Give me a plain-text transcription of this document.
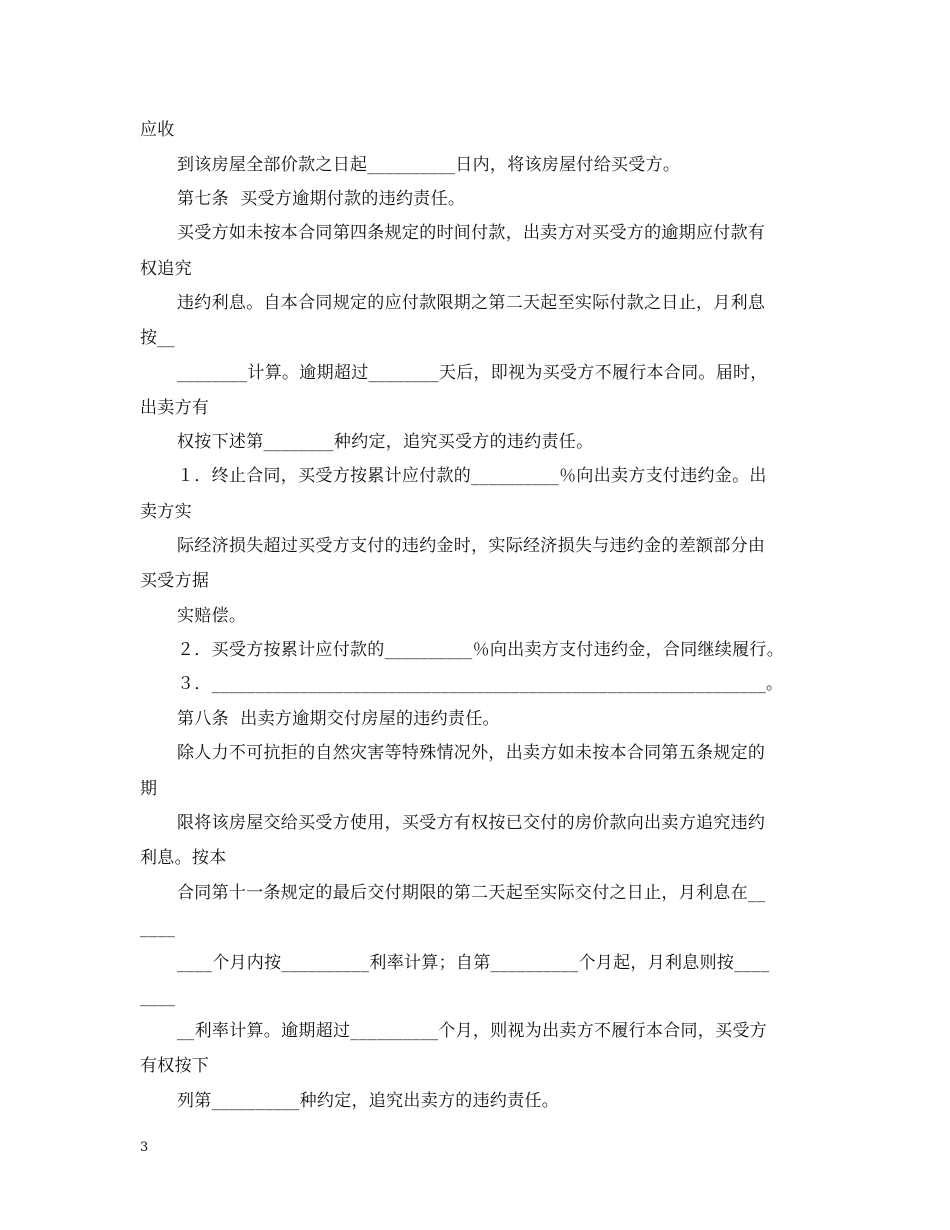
应收
到该房屋全部价款之日起__________日内，将该房屋付给买受方。
第七条  买受方逾期付款的违约责任。
买受方如未按本合同第四条规定的时间付款，出卖方对买受方的逾期应付款有
权追究
违约利息。自本合同规定的应付款限期之第二天起至实际付款之日止，月利息
按__
________计算。逾期超过________天后，即视为买受方不履行本合同。届时，
出卖方有
权按下述第________种约定，追究买受方的违约责任。
１．终止合同，买受方按累计应付款的__________％向出卖方支付违约金。出
卖方实
际经济损失超过买受方支付的违约金时，实际经济损失与违约金的差额部分由
买受方据
实赔偿。
２．买受方按累计应付款的__________％向出卖方支付违约金，合同继续履行。
３．_______________________________________________________________。
第八条  出卖方逾期交付房屋的违约责任。
除人力不可抗拒的自然灾害等特殊情况外，出卖方如未按本合同第五条规定的
期
限将该房屋交给买受方使用，买受方有权按已交付的房价款向出卖方追究违约
利息。按本
合同第十一条规定的最后交付期限的第二天起至实际交付之日止，月利息在__
____
____个月内按__________利率计算；自第__________个月起，月利息则按____
____
__利率计算。逾期超过__________个月，则视为出卖方不履行本合同，买受方
有权按下
列第__________种约定，追究出卖方的违约责任。
3
